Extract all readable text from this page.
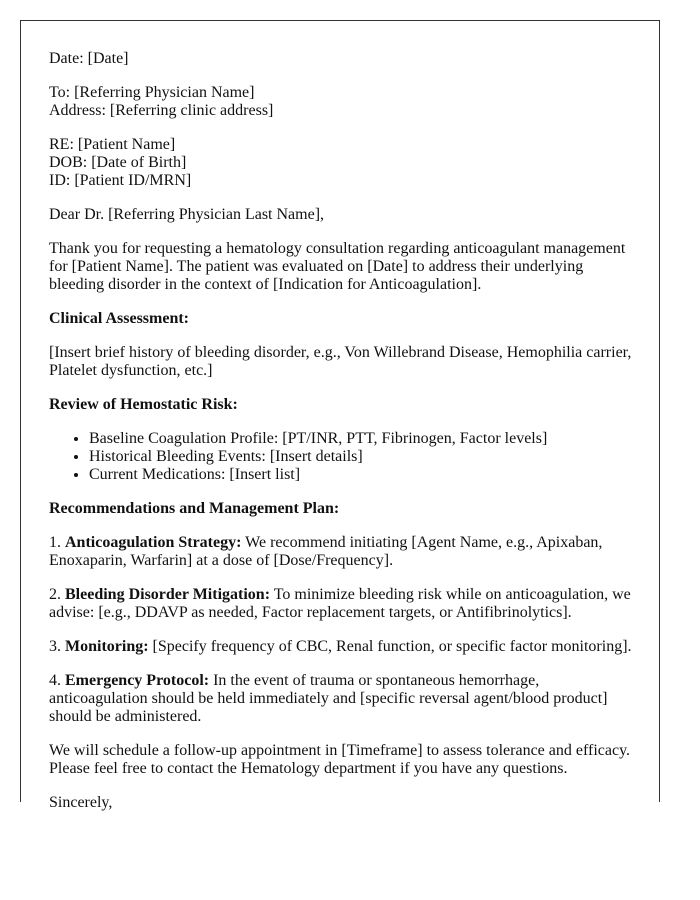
Date: [Date]

To: [Referring Physician Name]
Address: [Referring clinic address]

RE: [Patient Name]
DOB: [Date of Birth]
ID: [Patient ID/MRN]

Dear Dr. [Referring Physician Last Name],

Thank you for requesting a hematology consultation regarding anticoagulant management for [Patient Name]. The patient was evaluated on [Date] to address their underlying bleeding disorder in the context of [Indication for Anticoagulation].

Clinical Assessment:

[Insert brief history of bleeding disorder, e.g., Von Willebrand Disease, Hemophilia carrier, Platelet dysfunction, etc.]

Review of Hemostatic Risk:
• Baseline Coagulation Profile: [PT/INR, PTT, Fibrinogen, Factor levels]
• Historical Bleeding Events: [Insert details]
• Current Medications: [Insert list]
Recommendations and Management Plan:

1. Anticoagulation Strategy: We recommend initiating [Agent Name, e.g., Apixaban, Enoxaparin, Warfarin] at a dose of [Dose/Frequency].

2. Bleeding Disorder Mitigation: To minimize bleeding risk while on anticoagulation, we advise: [e.g., DDAVP as needed, Factor replacement targets, or Antifibrinolytics].

3. Monitoring: [Specify frequency of CBC, Renal function, or specific factor monitoring].

4. Emergency Protocol: In the event of trauma or spontaneous hemorrhage, anticoagulation should be held immediately and [specific reversal agent/blood product] should be administered.

We will schedule a follow-up appointment in [Timeframe] to assess tolerance and efficacy. Please feel free to contact the Hematology department if you have any questions.

Sincerely,
